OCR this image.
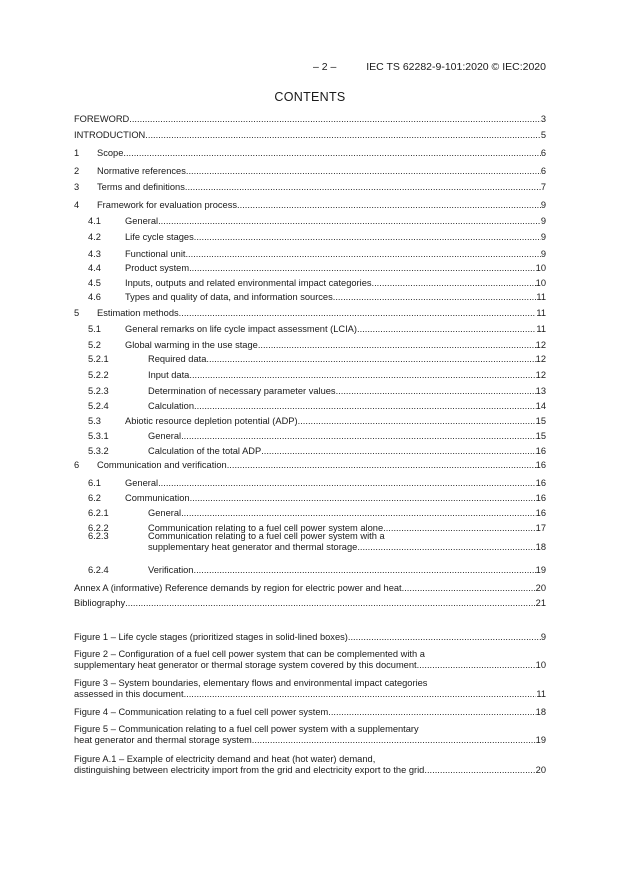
– 2 –	IEC TS 62282-9-101:2020 © IEC:2020
CONTENTS
FOREWORD .....	3
INTRODUCTION .....	5
1 Scope .....	6
2 Normative references .....	6
3 Terms and definitions .....	7
4 Framework for evaluation process .....	9
4.1	General .....	9
4.2	Life cycle stages .....	9
4.3	Functional unit .....	9
4.4	Product system .....	10
4.5	Inputs, outputs and related environmental impact categories .....	10
4.6	Types and quality of data, and information sources .....	11
5 Estimation methods .....	11
5.1	General remarks on life cycle impact assessment (LCIA) .....	11
5.2	Global warming in the use stage .....	12
5.2.1	Required data .....	12
5.2.2	Input data .....	12
5.2.3	Determination of necessary parameter values .....	13
5.2.4	Calculation .....	14
5.3	Abiotic resource depletion potential (ADP) .....	15
5.3.1	General .....	15
5.3.2	Calculation of the total ADP .....	16
6 Communication and verification .....	16
6.1	General .....	16
6.2	Communication .....	16
6.2.1	General .....	16
6.2.2	Communication relating to a fuel cell power system alone .....	17
6.2.3	Communication relating to a fuel cell power system with a
supplementary heat generator and thermal storage .....	18
6.2.4	Verification .....	19
Annex A (informative) Reference demands by region for electric power and heat .....	20
Bibliography .....	21
Figure 1 – Life cycle stages (prioritized stages in solid-lined boxes) .....	9
Figure 2 – Configuration of a fuel cell power system that can be complemented with a
supplementary heat generator or thermal storage system covered by this document .....	10
Figure 3 – System boundaries, elementary flows and environmental impact categories
assessed in this document .....	11
Figure 4 – Communication relating to a fuel cell power system .....	18
Figure 5 – Communication relating to a fuel cell power system with a supplementary
heat generator and thermal storage system .....	19
Figure A.1 – Example of electricity demand and heat (hot water) demand,
distinguishing between electricity import from the grid and electricity export to the grid .....	20
